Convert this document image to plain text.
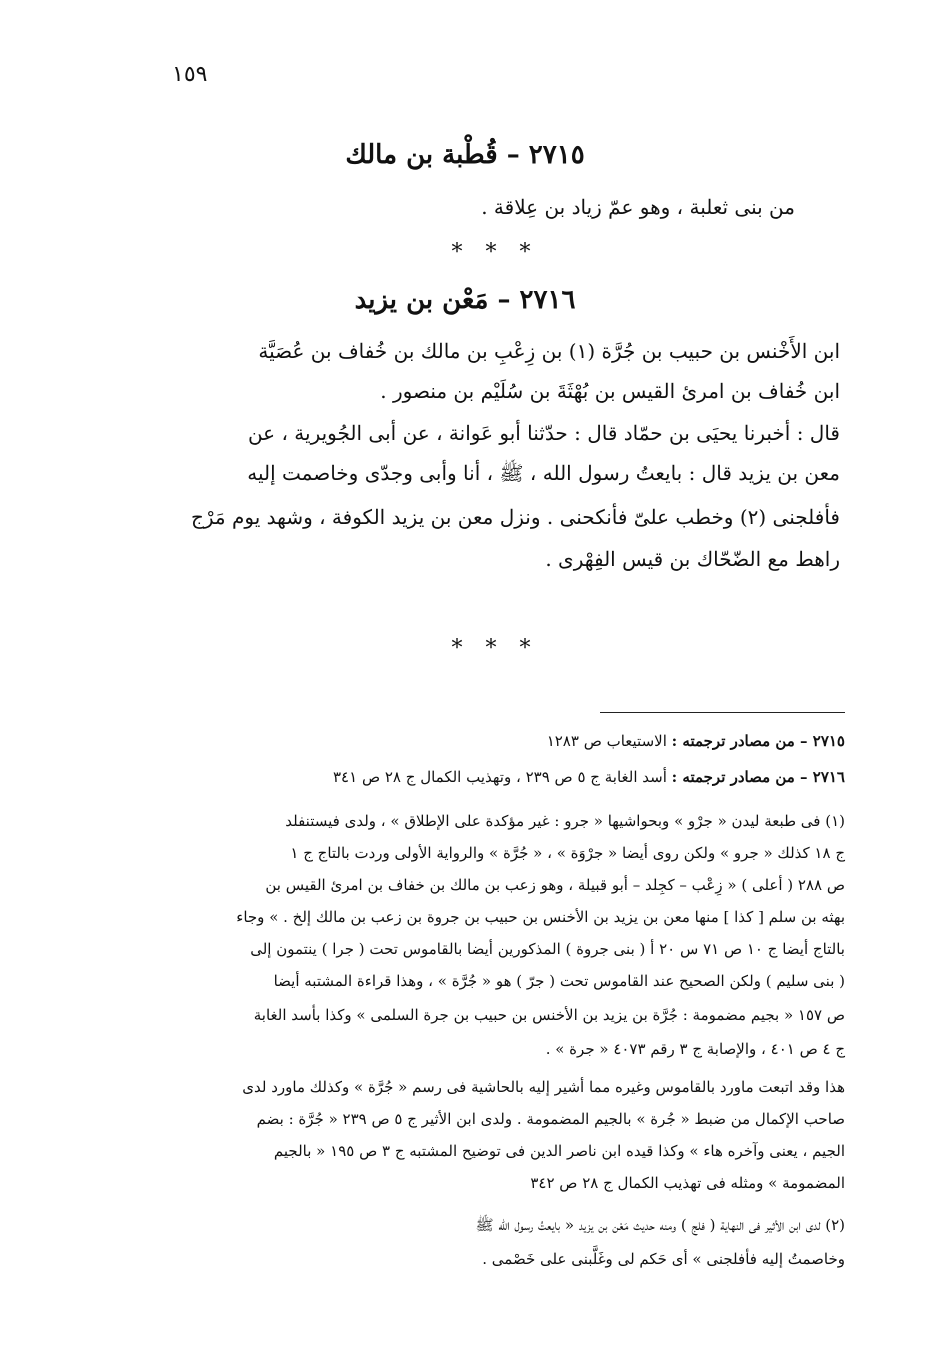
١٥٩
٢٧١٥ – قُطْبة بن مالك
من بنى ثعلبة ، وهو عمّ زياد بن عِلاقة .
* * *
٢٧١٦ – مَعْن بن يزيد
ابن الأَخْنس بن حبيب بن جُرَّة (١) بن زِعْبِ بن مالك بن خُفاف بن عُصَيَّة
ابن خُفاف بن امرئ القيس بن بُهْثَةَ بن سُلَيْم بن منصور .
قال : أخبرنا يحيَى بن حمّاد قال : حدّثنا أبو عَوانة ، عن أبى الجُويرية ، عن
معن بن يزيد قال : بايعتُ رسول الله ، ﷺ ، أنا وأبى وجدّى وخاصمت إليه
فأفلجنى (٢) وخطب علىّ فأنكحنى . ونزل معن بن يزيد الكوفة ، وشهد يوم مَرْج
راهط مع الضّحّاك بن قيس الفِهْرى .
* * *
٢٧١٥ – من مصادر ترجمته : الاستيعاب ص ١٢٨٣
٢٧١٦ – من مصادر ترجمته : أسد الغابة ج ٥ ص ٢٣٩ ، وتهذيب الكمال ج ٢٨ ص ٣٤١
(١) فى طبعة ليدن « جرْو » وبحواشيها « جرو : غير مؤكدة على الإطلاق » ، ولدى فيستنفلد
ج ١٨ كذلك « جرو » ولكن روى أيضا « جرْوَة » ، « جُرَّة » والرواية الأولى وردت بالتاج ج ١
ص ٢٨٨ ( أعلى ) « زِعْب – كجِلد – أبو قبيلة ، وهو زعب بن مالك بن خفاف بن امرئ القيس بن
بهثه بن سلم [ كذا ] منها معن بن يزيد بن الأخنس بن حبيب بن جروة بن زعب بن مالك إلخ . » وجاء
بالتاج أيضا ج ١٠ ص ٧١ س ٢٠ أ ( بنى جروة ) المذكورين أيضا بالقاموس تحت ( جرا ) ينتمون إلى
( بنى سليم ) ولكن الصحيح عند القاموس تحت ( جرّ ) هو « جُرَّة » ، وهذا قراءة المشتبه أيضا
ص ١٥٧ « بجيم مضمومة : جُرَّة بن يزيد بن الأخنس بن حبيب بن جرة السلمى » وكذا بأسد الغابة
ج ٤ ص ٤٠١ ، والإصابة ج ٣ رقم ٤٠٧٣ « جرة » .
هذا وقد اتبعت ماورد بالقاموس وغيره مما أشير إليه بالحاشية فى رسم « جُرَّة » وكذلك ماورد لدى
صاحب الإكمال من ضبط « جُرة » بالجيم المضمومة . ولدى ابن الأثير ج ٥ ص ٢٣٩ « جُرَّة : بضم
الجيم ، يعنى وآخره هاء » وكذا قيده ابن ناصر الدين فى توضيح المشتبه ج ٣ ص ١٩٥ « بالجيم
المضمومة » ومثله فى تهذيب الكمال ج ٢٨ ص ٣٤٢
(٢) لدى ابن الأثير فى النهاية ( فلج ) ومنه حديث مَعْن بن يزيد « بايعتُ رسول الله ﷺ
وخاصمتُ إليه فأفلجنى » أى حَكم لى وغَلَّبنى على خَصْمى .
